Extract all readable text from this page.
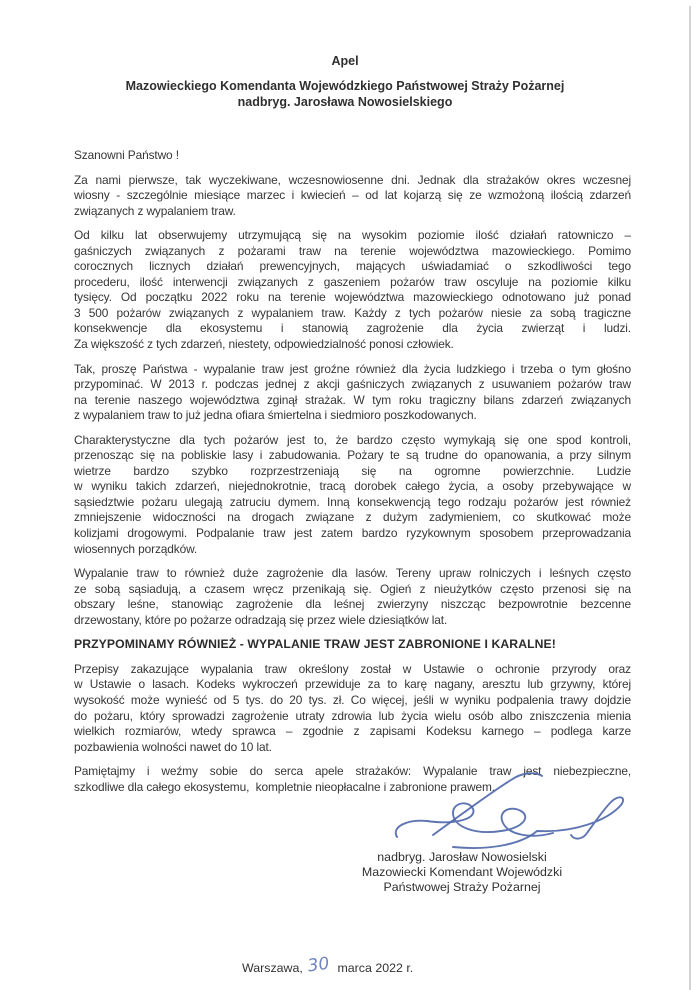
Apel
Mazowieckiego Komendanta Wojewódzkiego Państwowej Straży Pożarnej
nadbryg. Jarosława Nowosielskiego
Szanowni Państwo !
Za nami pierwsze, tak wyczekiwane, wczesnowiosenne dni. Jednak dla strażaków okres wczesnej
wiosny - szczególnie miesiące marzec i kwiecień – od lat kojarzą się ze wzmożoną ilością zdarzeń
związanych z wypalaniem traw.
Od kilku lat obserwujemy utrzymującą się na wysokim poziomie ilość działań ratowniczo –
gaśniczych związanych z pożarami traw na terenie województwa mazowieckiego. Pomimo
corocznych licznych działań prewencyjnych, mających uświadamiać o szkodliwości tego
procederu, ilość interwencji związanych z gaszeniem pożarów traw oscyluje na poziomie kilku
tysięcy. Od początku 2022 roku na terenie województwa mazowieckiego odnotowano już ponad
3 500 pożarów związanych z wypalaniem traw. Każdy z tych pożarów niesie za sobą tragiczne
konsekwencje dla ekosystemu i stanowią zagrożenie dla życia zwierząt i ludzi.
Za większość z tych zdarzeń, niestety, odpowiedzialność ponosi człowiek.
Tak, proszę Państwa - wypalanie traw jest groźne również dla życia ludzkiego i trzeba o tym głośno
przypominać. W 2013 r. podczas jednej z akcji gaśniczych związanych z usuwaniem pożarów traw
na terenie naszego województwa zginął strażak. W tym roku tragiczny bilans zdarzeń związanych
z wypalaniem traw to już jedna ofiara śmiertelna i siedmioro poszkodowanych.
Charakterystyczne dla tych pożarów jest to, że bardzo często wymykają się one spod kontroli,
przenosząc się na pobliskie lasy i zabudowania. Pożary te są trudne do opanowania, a przy silnym
wietrze bardzo szybko rozprzestrzeniają się na ogromne powierzchnie. Ludzie
w wyniku takich zdarzeń, niejednokrotnie, tracą dorobek całego życia, a osoby przebywające w
sąsiedztwie pożaru ulegają zatruciu dymem. Inną konsekwencją tego rodzaju pożarów jest również
zmniejszenie widoczności na drogach związane z dużym zadymieniem, co skutkować może
kolizjami drogowymi. Podpalanie traw jest zatem bardzo ryzykownym sposobem przeprowadzania
wiosennych porządków.
Wypalanie traw to również duże zagrożenie dla lasów. Tereny upraw rolniczych i leśnych często
ze sobą sąsiadują, a czasem wręcz przenikają się. Ogień z nieużytków często przenosi się na
obszary leśne, stanowiąc zagrożenie dla leśnej zwierzyny niszcząc bezpowrotnie bezcenne
drzewostany, które po pożarze odradzają się przez wiele dziesiątków lat.
PRZYPOMINAMY RÓWNIEŻ - WYPALANIE TRAW JEST ZABRONIONE I KARALNE!
Przepisy zakazujące wypalania traw określony został w Ustawie o ochronie przyrody oraz
w Ustawie o lasach. Kodeks wykroczeń przewiduje za to karę nagany, aresztu lub grzywny, której
wysokość może wynieść od 5 tys. do 20 tys. zł. Co więcej, jeśli w wyniku podpalenia trawy dojdzie
do pożaru, który sprowadzi zagrożenie utraty zdrowia lub życia wielu osób albo zniszczenia mienia
wielkich rozmiarów, wtedy sprawca – zgodnie z zapisami Kodeksu karnego – podlega karze
pozbawienia wolności nawet do 10 lat.
Pamiętajmy i weźmy sobie do serca apele strażaków: Wypalanie traw jest niebezpieczne,
szkodliwe dla całego ekosystemu,  kompletnie nieopłacalne i zabronione prawem.
nadbryg. Jarosław Nowosielski
Mazowiecki Komendant Wojewódzki
Państwowej Straży Pożarnej
Warszawa, 30 marca 2022 r.
